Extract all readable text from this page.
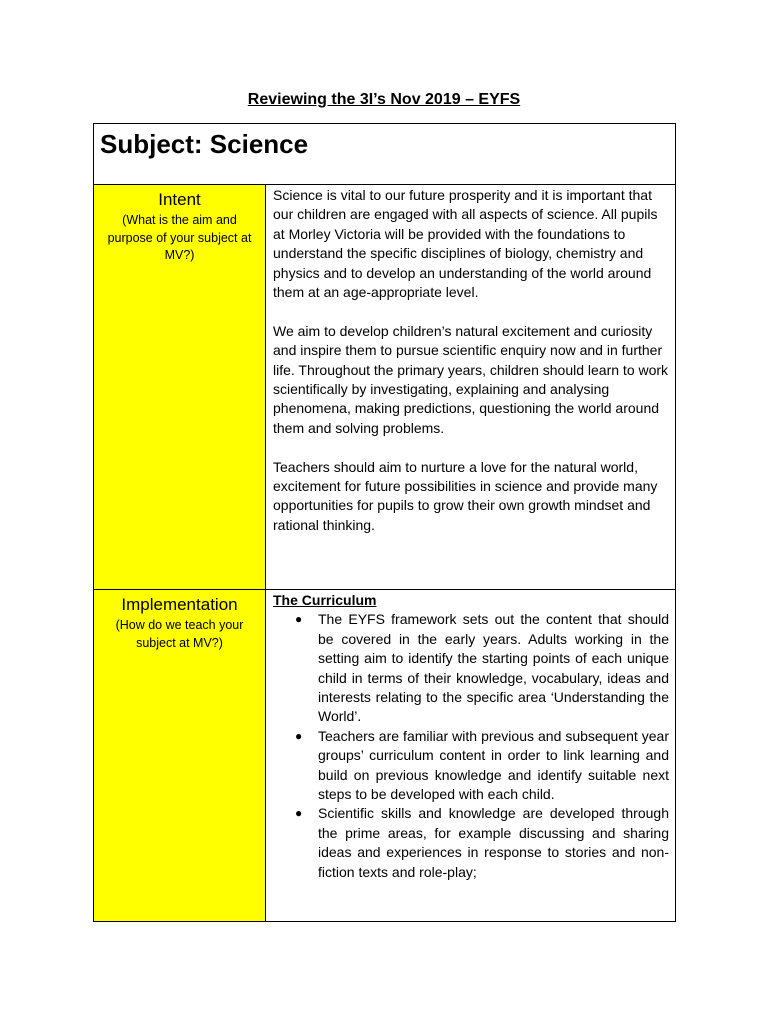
Reviewing the 3I’s Nov 2019 – EYFS
Subject: Science
Intent
(What is the aim and purpose of your subject at MV?)

Science is vital to our future prosperity and it is important that our children are engaged with all aspects of science. All pupils at Morley Victoria will be provided with the foundations to understand the specific disciplines of biology, chemistry and physics and to develop an understanding of the world around them at an age-appropriate level.

We aim to develop children’s natural excitement and curiosity and inspire them to pursue scientific enquiry now and in further life. Throughout the primary years, children should learn to work scientifically by investigating, explaining and analysing phenomena, making predictions, questioning the world around them and solving problems.

Teachers should aim to nurture a love for the natural world, excitement for future possibilities in science and provide many opportunities for pupils to grow their own growth mindset and rational thinking.

Implementation
(How do we teach your subject at MV?)
The Curriculum
● The EYFS framework sets out the content that should be covered in the early years. Adults working in the setting aim to identify the starting points of each unique child in terms of their knowledge, vocabulary, ideas and interests relating to the specific area ‘Understanding the World’.
● Teachers are familiar with previous and subsequent year groups’ curriculum content in order to link learning and build on previous knowledge and identify suitable next steps to be developed with each child.
● Scientific skills and knowledge are developed through the prime areas, for example discussing and sharing ideas and experiences in response to stories and non-fiction texts and role-play;
